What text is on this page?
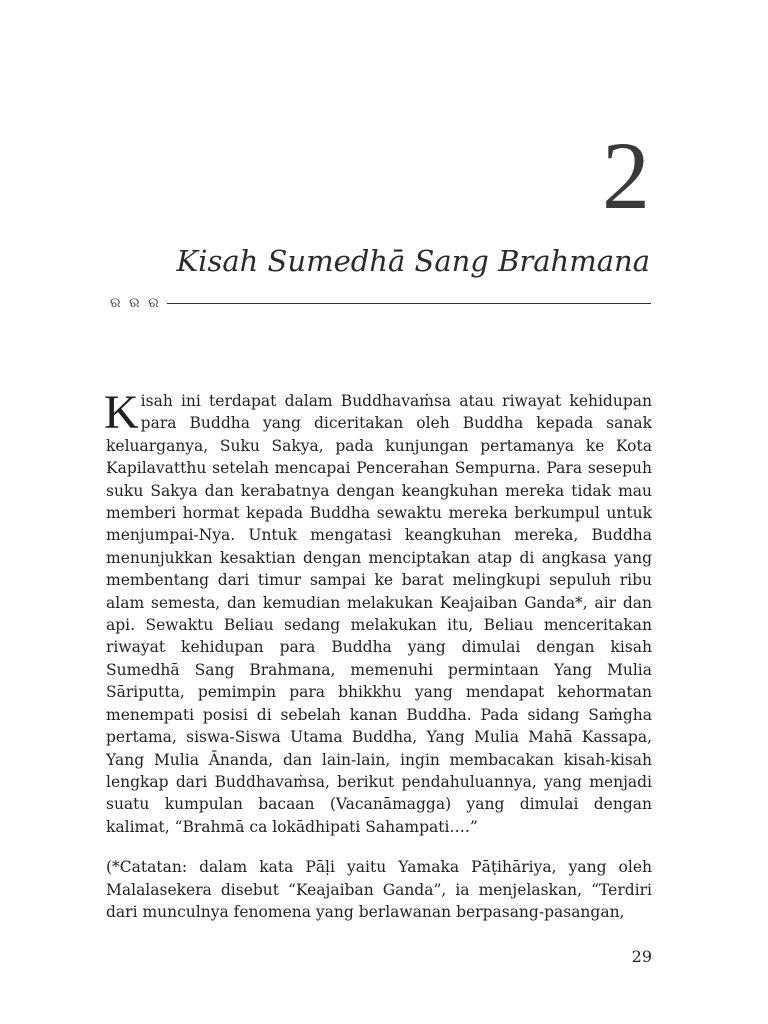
2
Kisah Sumedhā Sang Brahmana
ର ର ର

Kisah ini terdapat dalam Buddhavaṁsa atau riwayat kehidupan para Buddha yang diceritakan oleh Buddha kepada sanak keluarganya, Suku Sakya, pada kunjungan pertamanya ke Kota Kapilavatthu setelah mencapai Pencerahan Sempurna. Para sesepuh suku Sakya dan kerabatnya dengan keangkuhan mereka tidak mau memberi hormat kepada Buddha sewaktu mereka berkumpul untuk menjumpai-Nya. Untuk mengatasi keangkuhan mereka, Buddha menunjukkan kesaktian dengan menciptakan atap di angkasa yang membentang dari timur sampai ke barat melingkupi sepuluh ribu alam semesta, dan kemudian melakukan Keajaiban Ganda*, air dan api. Sewaktu Beliau sedang melakukan itu, Beliau menceritakan riwayat kehidupan para Buddha yang dimulai dengan kisah Sumedhā Sang Brahmana, memenuhi permintaan Yang Mulia Sāriputta, pemimpin para bhikkhu yang mendapat kehormatan menempati posisi di sebelah kanan Buddha. Pada sidang Saṁgha pertama, siswa-Siswa Utama Buddha, Yang Mulia Mahā Kassapa, Yang Mulia Ānanda, dan lain-lain, ingin membacakan kisah-kisah lengkap dari Buddhavaṁsa, berikut pendahuluannya, yang menjadi suatu kumpulan bacaan (Vacanāmagga) yang dimulai dengan kalimat, “Brahmā ca lokādhipati Sahampati….”

(*Catatan: dalam kata Pāḷi yaitu Yamaka Pāṭihāriya, yang oleh Malalasekera disebut “Keajaiban Ganda”, ia menjelaskan, “Terdiri dari munculnya fenomena yang berlawanan berpasang-pasangan,

29
